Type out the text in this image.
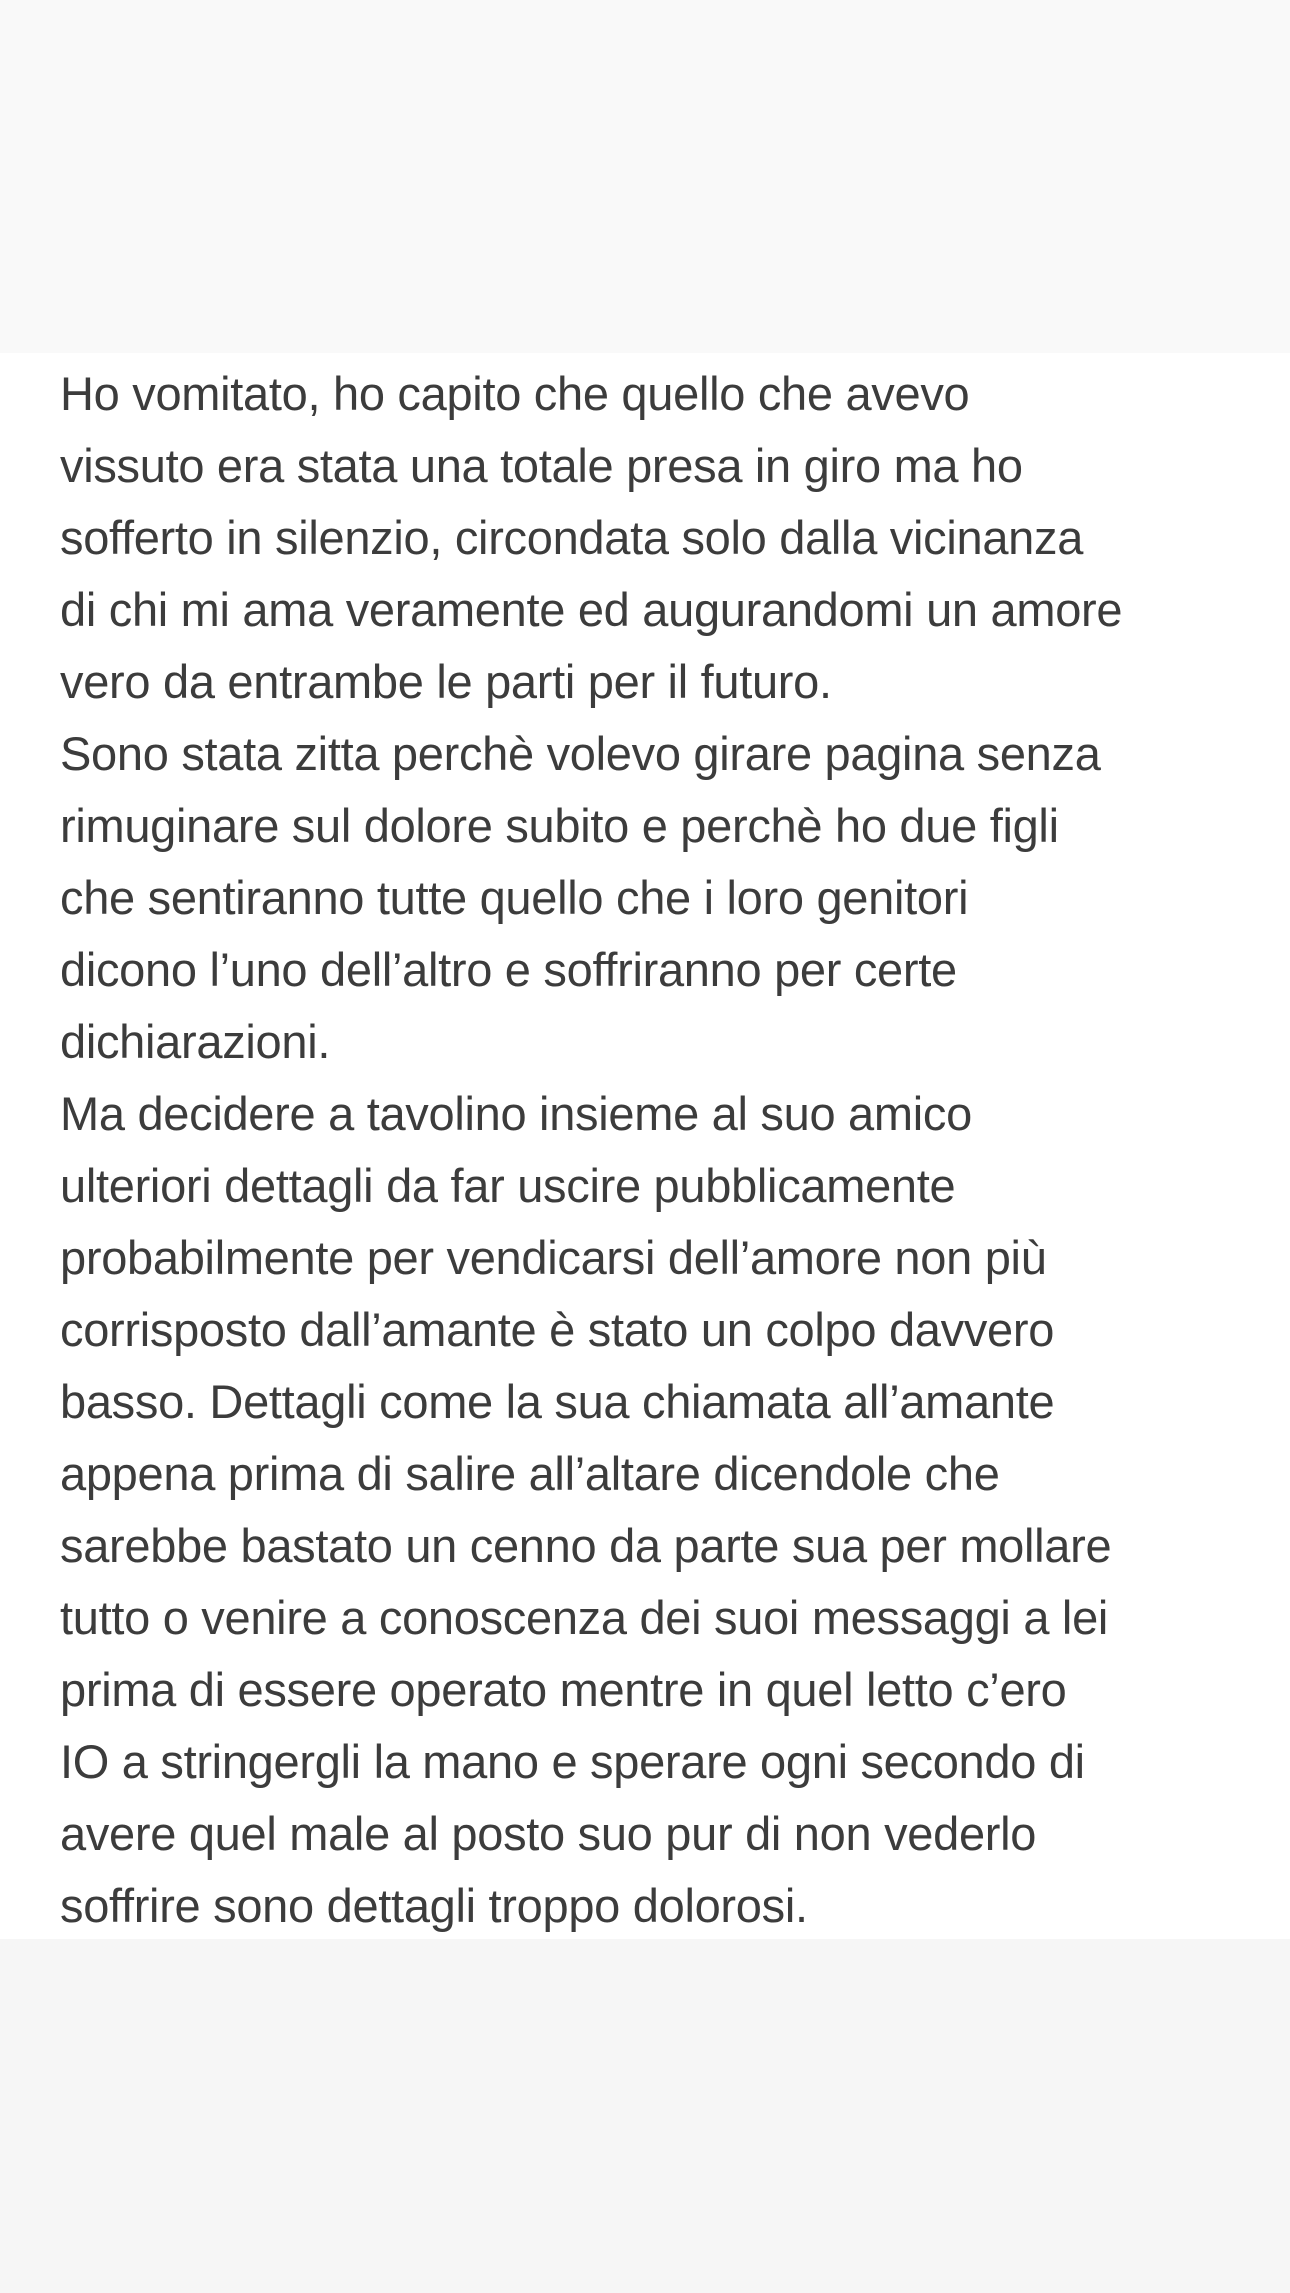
Ho vomitato, ho capito che quello che avevo
vissuto era stata una totale presa in giro ma ho
sofferto in silenzio, circondata solo dalla vicinanza
di chi mi ama veramente ed augurandomi un amore
vero da entrambe le parti per il futuro.
Sono stata zitta perchè volevo girare pagina senza
rimuginare sul dolore subito e perchè ho due figli
che sentiranno tutte quello che i loro genitori
dicono l’uno dell’altro e soffriranno per certe
dichiarazioni.
Ma decidere a tavolino insieme al suo amico
ulteriori dettagli da far uscire pubblicamente
probabilmente per vendicarsi dell’amore non più
corrisposto dall’amante è stato un colpo davvero
basso. Dettagli come la sua chiamata all’amante
appena prima di salire all’altare dicendole che
sarebbe bastato un cenno da parte sua per mollare
tutto o venire a conoscenza dei suoi messaggi a lei
prima di essere operato mentre in quel letto c’ero
IO a stringergli la mano e sperare ogni secondo di
avere quel male al posto suo pur di non vederlo
soffrire sono dettagli troppo dolorosi.
